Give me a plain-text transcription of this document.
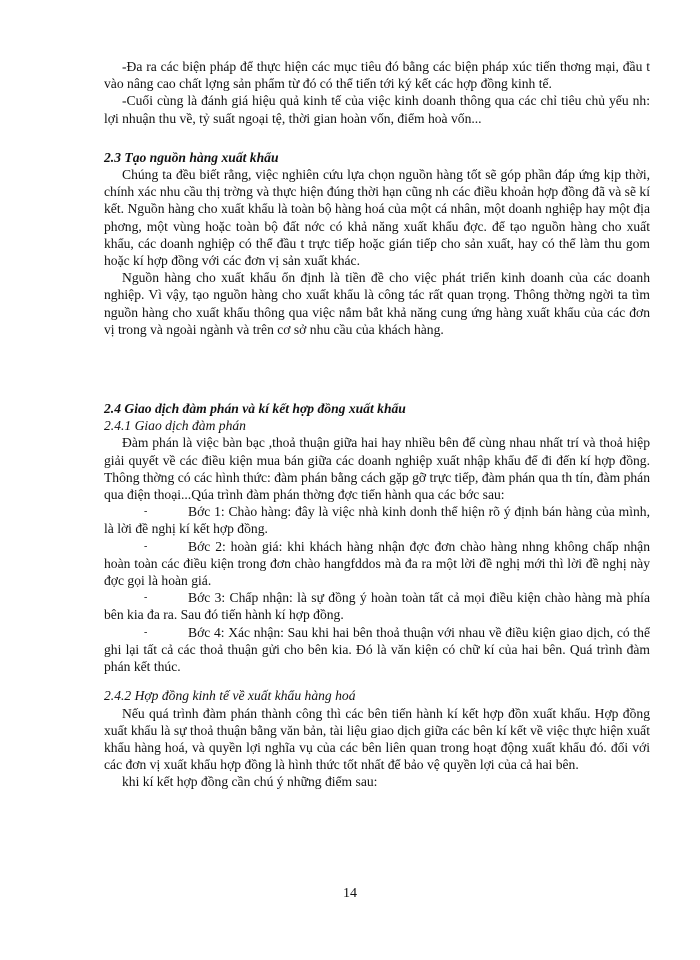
-Đa ra các biện pháp để thực hiện các mục tiêu đó bằng các biện pháp xúc tiến thơng mại, đầu t vào nâng cao chất lợng sản phẩm từ đó có thể tiến tới ký kết các hợp đồng kinh tế.

-Cuối cùng là đánh giá hiệu quả kinh tế của việc kinh doanh thông qua các chỉ tiêu chủ yếu nh: lợi nhuận thu về, tỷ suất ngoại tệ, thời gian hoàn vốn, điểm hoà vốn...

2.3 Tạo nguồn hàng xuất khẩu

Chúng ta đều biết rằng, việc nghiên cứu lựa chọn nguồn hàng tốt sẽ góp phần đáp ứng kịp thời, chính xác nhu cầu thị trờng và thực hiện đúng thời hạn cũng nh các điều khoản hợp đồng đã và sẽ kí kết. Nguồn hàng cho xuất khẩu là toàn bộ hàng hoá của một cá nhân, một doanh nghiệp hay một địa phơng, một vùng hoặc toàn bộ đất nớc có khả năng xuất khẩu đợc. để tạo nguồn hàng cho xuất khẩu, các doanh nghiệp có thể đầu t trực tiếp hoặc gián tiếp cho sản xuất, hay có thể làm thu gom hoặc kí hợp đồng với các đơn vị sản xuất khác.

Nguồn hàng cho xuất khẩu ổn định là tiền đề cho việc phát triển kinh doanh của các doanh nghiệp. Vì vậy, tạo nguồn hàng cho xuất khẩu là công tác rất quan trọng. Thông thờng ngời ta tìm nguồn hàng cho xuất khẩu thông qua việc nắm bắt khả năng cung ứng hàng xuất khẩu của các đơn vị trong và ngoài ngành và trên cơ sở nhu cầu của khách hàng.

2.4 Giao dịch đàm phán và kí kết hợp đồng xuất khẩu

2.4.1 Giao dịch đàm phán

Đàm phán là việc bàn bạc ,thoả thuận giữa hai hay nhiều bên để cùng nhau nhất trí và thoả hiệp giải quyết về các điều kiện mua bán giữa các doanh nghiệp xuất nhập khẩu để đi đến kí hợp đồng. Thông thờng có các hình thức: đàm phán bằng cách gặp gỡ trực tiếp, đàm phán qua th tín, đàm phán qua điện thoại...Qúa trình đàm phán thờng đợc tiến hành qua các bớc sau:

-	Bớc 1: Chào hàng: đây là việc nhà kinh donh thể hiện rõ ý định bán hàng của mình, là lời đề nghị kí kết hợp đồng.
-	Bớc 2: hoàn giá: khi khách hàng nhận đợc đơn chào hàng nhng không chấp nhận hoàn toàn các điều kiện trong đơn chào hangfddos mà đa ra một lời đề nghị mới thì lời đề nghị này đợc gọi là hoàn giá.
-	Bớc 3: Chấp nhận: là sự đồng ý hoàn toàn tất cả mọi điều kiện chào hàng mà phía bên kia đa ra. Sau đó tiến hành kí hợp đồng.
-	Bớc 4: Xác nhận: Sau khi hai bên thoả thuận với nhau về điều kiện giao dịch, có thể ghi lại tất cả các thoả thuận gửi cho bên kia. Đó là văn kiện có chữ kí của hai bên. Quá trình đàm phán kết thúc.

2.4.2 Hợp đồng kinh tế về xuất khẩu hàng hoá

Nếu quá trình đàm phán thành công thì các bên tiến hành kí kết hợp đồn xuất khẩu. Hợp đồng xuất khẩu là sự thoả thuận bằng văn bản, tài liệu giao dịch giữa các bên kí kết về việc thực hiện xuất khẩu hàng hoá, và quyền lợi nghĩa vụ của các bên liên quan trong hoạt động xuất khẩu đó. đối với các đơn vị xuất khẩu hợp đồng là hình thức tốt nhất để bảo vệ quyền lợi của cả hai bên.

khi kí kết hợp đồng cần chú ý những điểm sau:

14
